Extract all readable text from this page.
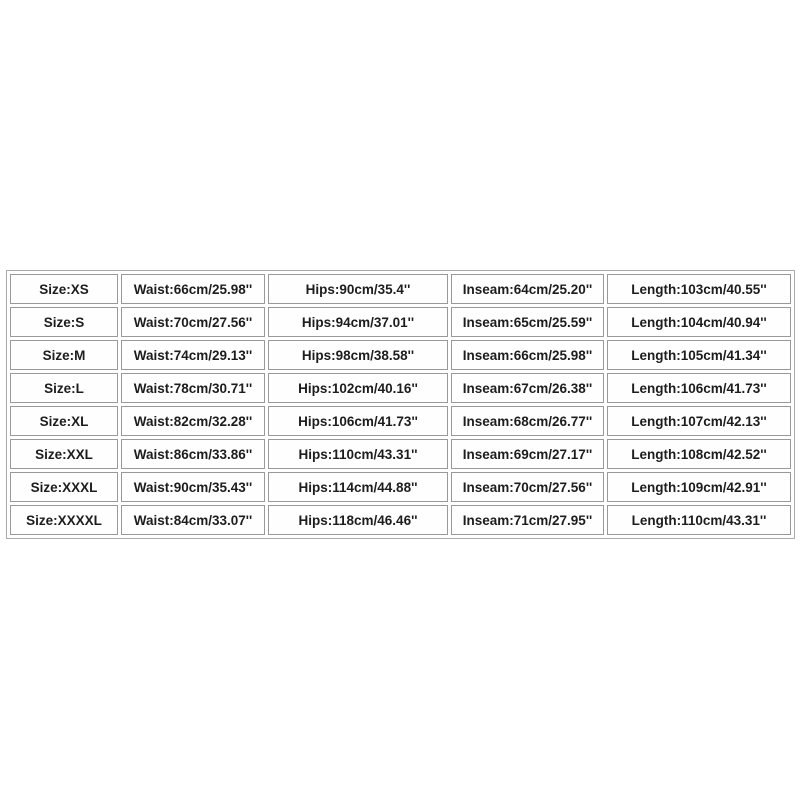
Size:XS	Waist:66cm/25.98''	Hips:90cm/35.4''	Inseam:64cm/25.20''	Length:103cm/40.55''
Size:S	Waist:70cm/27.56''	Hips:94cm/37.01''	Inseam:65cm/25.59''	Length:104cm/40.94''
Size:M	Waist:74cm/29.13''	Hips:98cm/38.58''	Inseam:66cm/25.98''	Length:105cm/41.34''
Size:L	Waist:78cm/30.71''	Hips:102cm/40.16''	Inseam:67cm/26.38''	Length:106cm/41.73''
Size:XL	Waist:82cm/32.28''	Hips:106cm/41.73''	Inseam:68cm/26.77''	Length:107cm/42.13''
Size:XXL	Waist:86cm/33.86''	Hips:110cm/43.31''	Inseam:69cm/27.17''	Length:108cm/42.52''
Size:XXXL	Waist:90cm/35.43''	Hips:114cm/44.88''	Inseam:70cm/27.56''	Length:109cm/42.91''
Size:XXXXL	Waist:84cm/33.07''	Hips:118cm/46.46''	Inseam:71cm/27.95''	Length:110cm/43.31''
